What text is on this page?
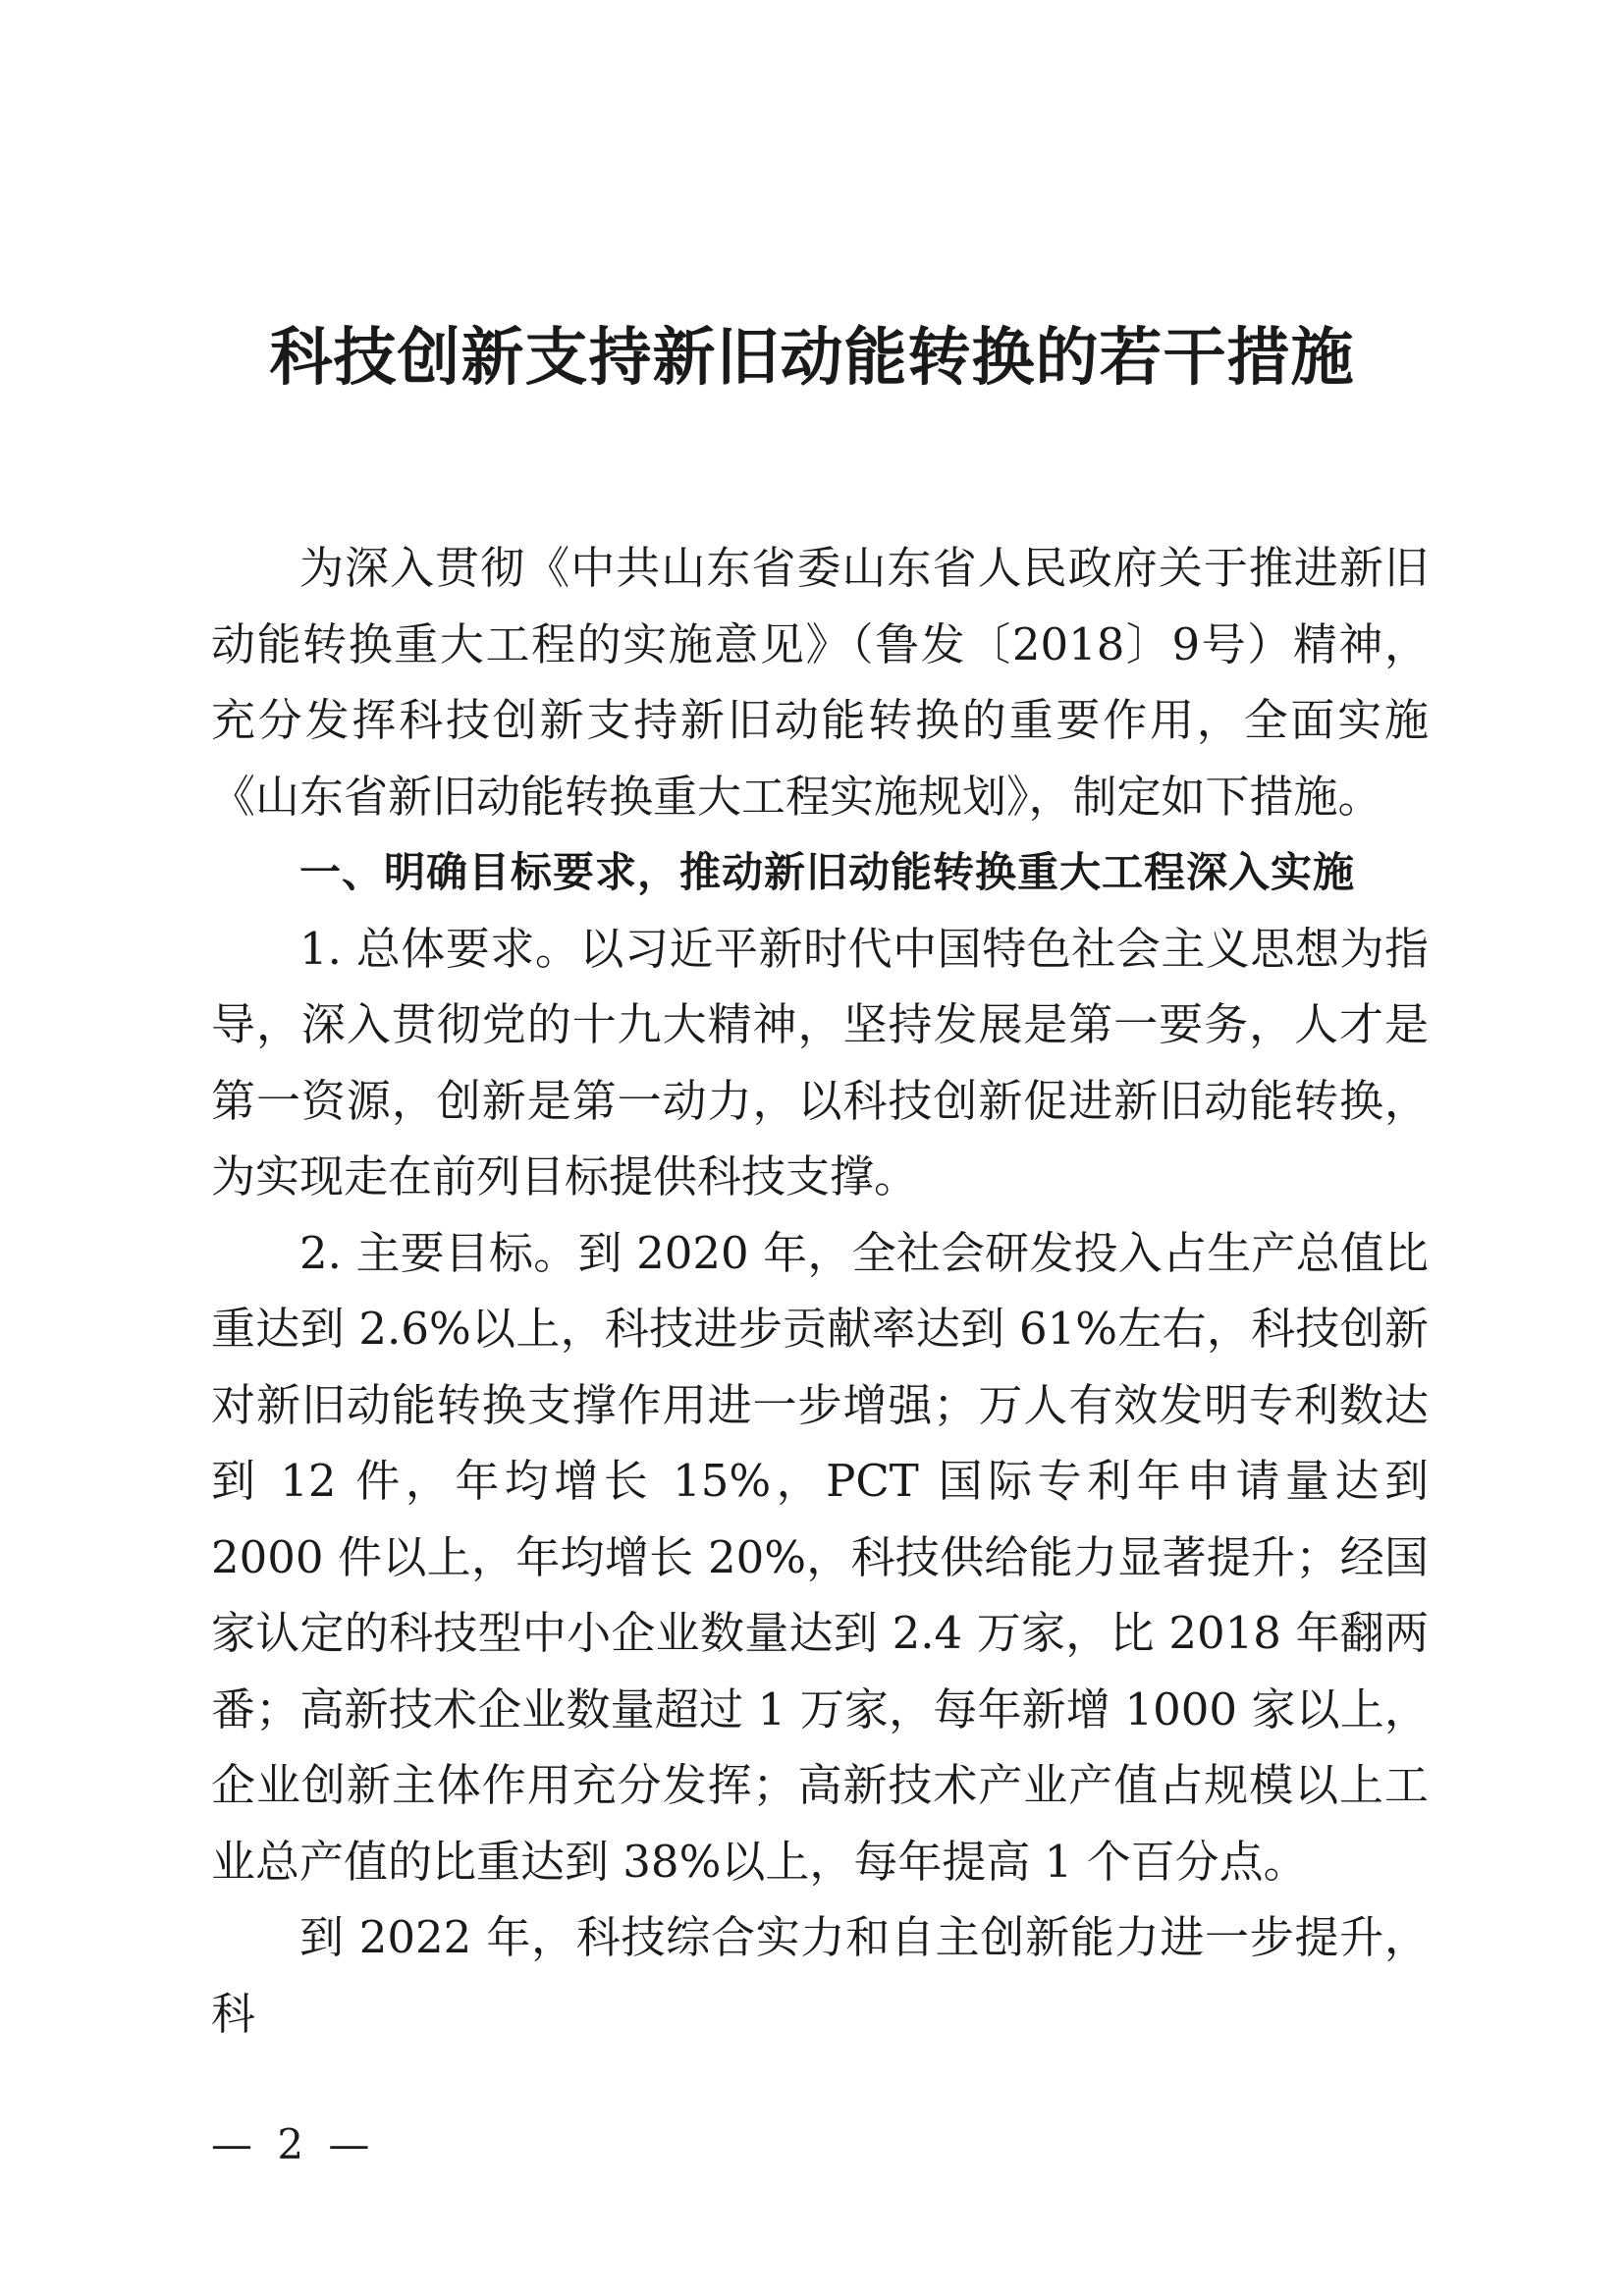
科技创新支持新旧动能转换的若干措施

为深入贯彻《中共山东省委山东省人民政府关于推进新旧动能转换重大工程的实施意见》（鲁发〔2018〕9号）精神，充分发挥科技创新支持新旧动能转换的重要作用，全面实施《山东省新旧动能转换重大工程实施规划》，制定如下措施。

一、明确目标要求，推动新旧动能转换重大工程深入实施

1. 总体要求。以习近平新时代中国特色社会主义思想为指导，深入贯彻党的十九大精神，坚持发展是第一要务，人才是第一资源，创新是第一动力，以科技创新促进新旧动能转换，为实现走在前列目标提供科技支撑。

2. 主要目标。到 2020 年，全社会研发投入占生产总值比重达到 2.6%以上，科技进步贡献率达到 61%左右，科技创新对新旧动能转换支撑作用进一步增强；万人有效发明专利数达到 12 件，年均增长 15%，PCT 国际专利年申请量达到 2000 件以上，年均增长 20%，科技供给能力显著提升；经国家认定的科技型中小企业数量达到 2.4 万家，比 2018 年翻两番；高新技术企业数量超过 1 万家，每年新增 1000 家以上，企业创新主体作用充分发挥；高新技术产业产值占规模以上工业总产值的比重达到 38%以上，每年提高 1 个百分点。

到 2022 年，科技综合实力和自主创新能力进一步提升，科

— 2 —
